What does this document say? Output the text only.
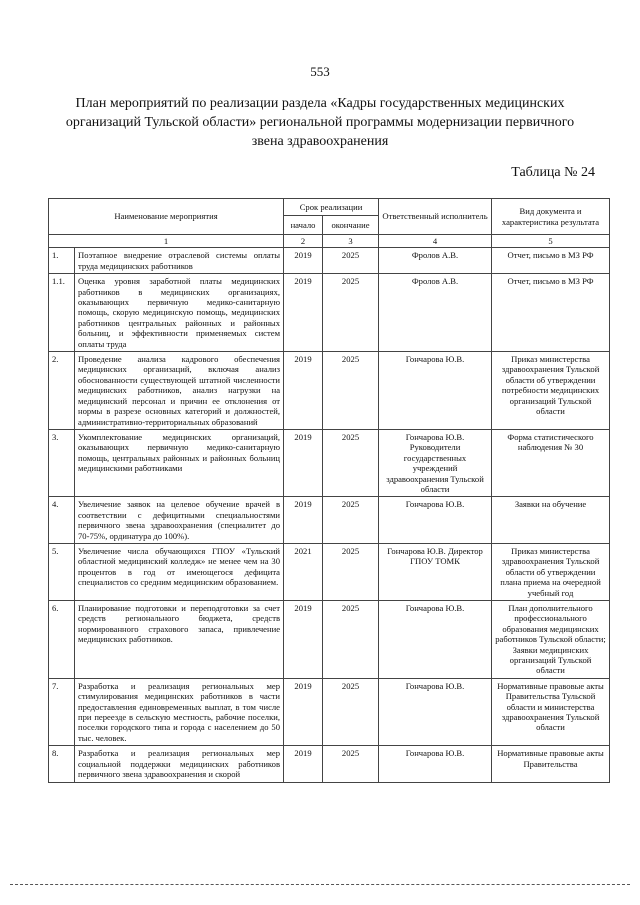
553
План мероприятий по реализации раздела «Кадры государственных медицинских организаций Тульской области» региональной программы модернизации первичного звена здравоохранения
Таблица № 24
Наименование мероприятия		Срок реализации		Ответственный исполнитель	Вид документа и характеристика результата
		начало	окончание		
1		2	3	4	5
1.	Поэтапное внедрение отраслевой системы оплаты труда медицинских работников	2019	2025	Фролов А.В.	Отчет, письмо в МЗ РФ
1.1.	Оценка уровня заработной платы медицинских работников в медицинских организациях, оказывающих первичную медико-санитарную помощь, скорую медицинскую помощь, медицинских работников центральных районных и районных больниц, и эффективности применяемых систем оплаты труда	2019	2025	Фролов А.В.	Отчет, письмо в МЗ РФ
2.	Проведение анализа кадрового обеспечения медицинских организаций, включая анализ обоснованности существующей штатной численности медицинских работников, анализ нагрузки на медицинский персонал и причин ее отклонения от нормы в разрезе основных категорий и должностей, административно-территориальных образований	2019	2025	Гончарова Ю.В.	Приказ министерства здравоохранения Тульской области об утверждении потребности медицинских организаций Тульской области
3.	Укомплектование медицинских организаций, оказывающих первичную медико-санитарную помощь, центральных районных и районных больниц медицинскими работниками	2019	2025	Гончарова Ю.В. Руководители государственных учреждений здравоохранения Тульской области	Форма статистического наблюдения № 30
4.	Увеличение заявок на целевое обучение врачей в соответствии с дефицитными специальностями первичного звена здравоохранения (специалитет до 70-75%, ординатура до 100%).	2019	2025	Гончарова Ю.В.	Заявки на обучение
5.	Увеличение числа обучающихся ГПОУ «Тульский областной медицинский колледж» не менее чем на 30 процентов в год от имеющегося дефицита специалистов со средним медицинским образованием.	2021	2025	Гончарова Ю.В. Директор ГПОУ ТОМК	Приказ министерства здравоохранения Тульской области об утверждении плана приема на очередной учебный год
6.	Планирование подготовки и переподготовки за счет средств регионального бюджета, средств нормированного страхового запаса, привлечение медицинских работников.	2019	2025	Гончарова Ю.В.	План дополнительного профессионального образования медицинских работников Тульской области; Заявки медицинских организаций Тульской области
7.	Разработка и реализация региональных мер стимулирования медицинских работников в части предоставления единовременных выплат, в том числе при переезде в сельскую местность, рабочие поселки, поселки городского типа и города с населением до 50 тыс. человек.	2019	2025	Гончарова Ю.В.	Нормативные правовые акты Правительства Тульской области и министерства здравоохранения Тульской области
8.	Разработка и реализация региональных мер социальной поддержки медицинских работников первичного звена здравоохранения и скорой	2019	2025	Гончарова Ю.В.	Нормативные правовые акты Правительства
